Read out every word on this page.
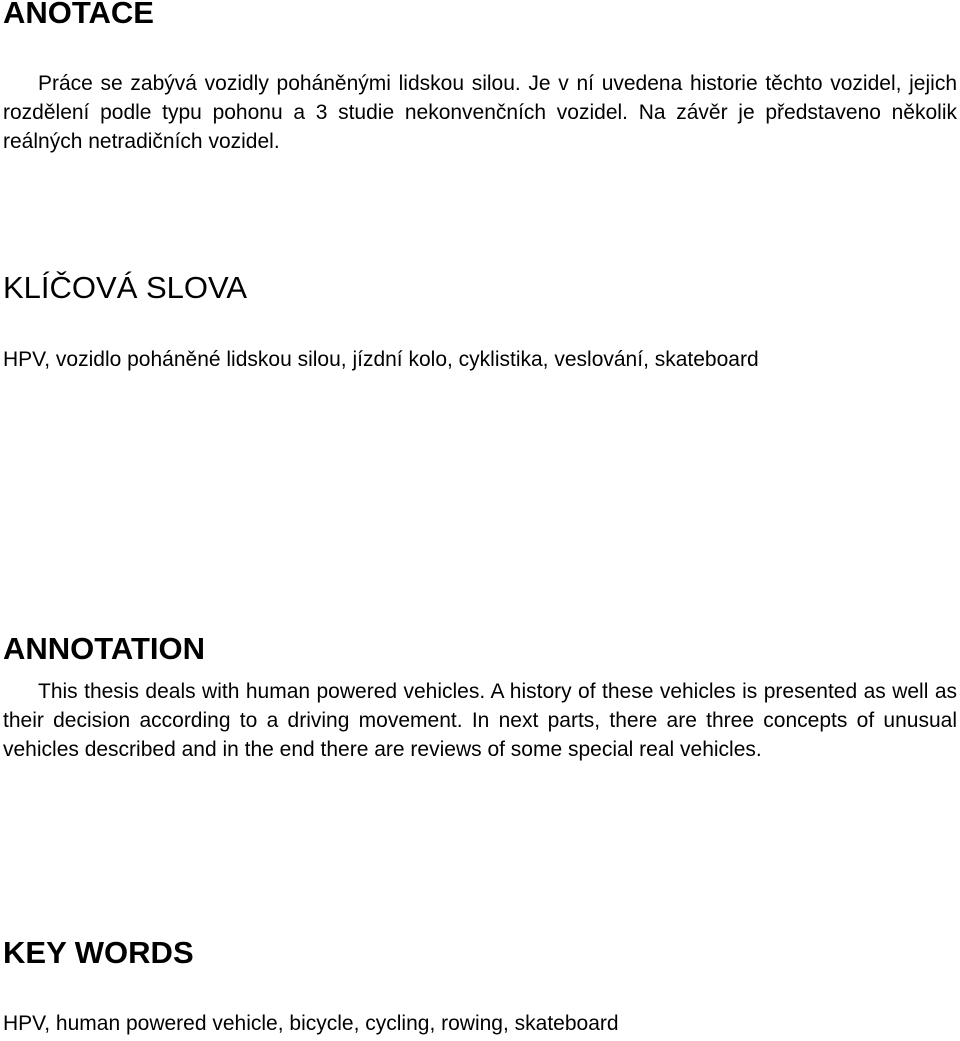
ANOTACE

Práce se zabývá vozidly poháněnými lidskou silou. Je v ní uvedena historie těchto vozidel, jejich rozdělení podle typu pohonu a 3 studie nekonvenčních vozidel. Na závěr je představeno několik reálných netradičních vozidel.

KLÍČOVÁ SLOVA

HPV, vozidlo poháněné lidskou silou, jízdní kolo, cyklistika, veslování, skateboard

ANNOTATION

This thesis deals with human powered vehicles. A history of these vehicles is presented as well as their decision according to a driving movement. In next parts, there are three concepts of unusual vehicles described and in the end there are reviews of some special real vehicles.

KEY WORDS

HPV, human powered vehicle, bicycle, cycling, rowing, skateboard
